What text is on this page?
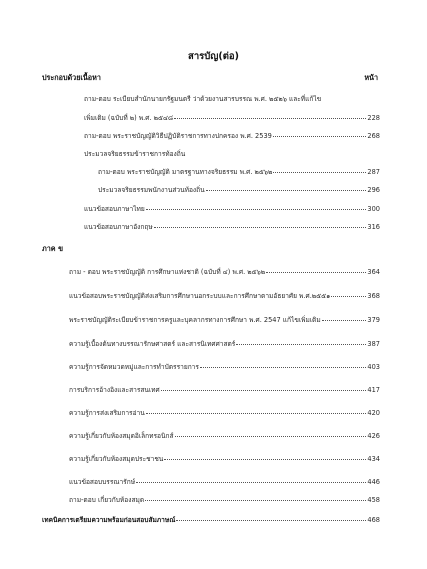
สารบัญ(ต่อ)
ประกอบด้วยเนื้อหา	หน้า
ถาม-ตอบ ระเบียบสำนักนายกรัฐมนตรี ว่าด้วยงานสารบรรณ พ.ศ. ๒๕๒๖ และที่แก้ไข
เพิ่มเติม (ฉบับที่ ๒) พ.ศ. ๒๕๔๘	228
ถาม-ตอบ พระราชบัญญัติวิธีปฏิบัติราชการทางปกครอง พ.ศ. 2539	268
ประมวลจริยธรรมข้าราชการท้องถิ่น
ถาม-ตอบ พระราชบัญญัติ มาตรฐานทางจริยธรรม พ.ศ. ๒๕๖๒	287
ประมวลจริยธรรมพนักงานส่วนท้องถิ่น	296
แนวข้อสอบภาษาไทย	300
แนวข้อสอบภาษาอังกฤษ	316
ภาค ข
ถาม - ตอบ พระราชบัญญัติ การศึกษาแห่งชาติ (ฉบับที่ ๔) พ.ศ. ๒๕๖๒	364
แนวข้อสอบพระราชบัญญัติส่งเสริมการศึกษานอกระบบและการศึกษาตามอัธยาศัย พ.ศ.๒๕๕๑	368
พระราชบัญญัติระเบียบข้าราชการครูและบุคลากรทางการศึกษา พ.ศ. 2547 แก้ไขเพิ่มเติม	379
ความรู้เบื้องต้นทางบรรณารักษศาสตร์ และสารนิเทศศาสตร์	387
ความรู้การจัดหมวดหมู่และการทำบัตรรายการ	403
การบริการอ้างอิงและสารสนเทศ	417
ความรู้การส่งเสริมการอ่าน	420
ความรู้เกี่ยวกับห้องสมุดอิเล็กทรอนิกส์	426
ความรู้เกี่ยวกับห้องสมุดประชาชน	434
แนวข้อสอบบรรณารักษ์	446
ถาม-ตอบ เกี่ยวกับห้องสมุด	458
เทคนิคการเตรียมความพร้อมก่อนสอบสัมภาษณ์	468
